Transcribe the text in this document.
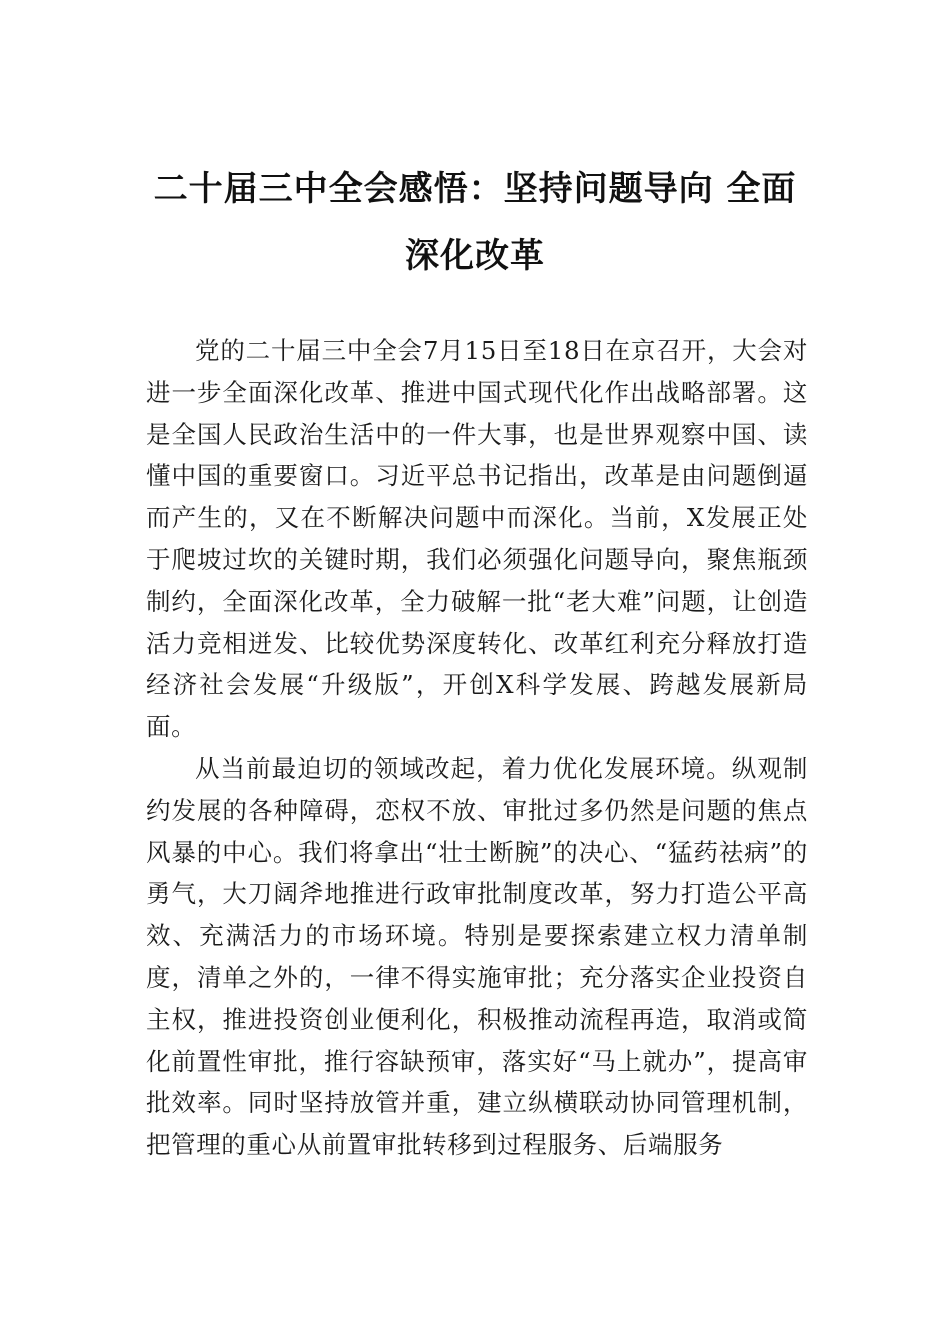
二十届三中全会感悟：坚持问题导向 全面深化改革

党的二十届三中全会7月15日至18日在京召开，大会对进一步全面深化改革、推进中国式现代化作出战略部署。这是全国人民政治生活中的一件大事，也是世界观察中国、读懂中国的重要窗口。习近平总书记指出，改革是由问题倒逼而产生的，又在不断解决问题中而深化。当前，X发展正处于爬坡过坎的关键时期，我们必须强化问题导向，聚焦瓶颈制约，全面深化改革，全力破解一批“老大难”问题，让创造活力竞相迸发、比较优势深度转化、改革红利充分释放打造经济社会发展“升级版”，开创X科学发展、跨越发展新局面。

从当前最迫切的领域改起，着力优化发展环境。纵观制约发展的各种障碍，恋权不放、审批过多仍然是问题的焦点风暴的中心。我们将拿出“壮士断腕”的决心、“猛药祛病”的勇气，大刀阔斧地推进行政审批制度改革，努力打造公平高效、充满活力的市场环境。特别是要探索建立权力清单制度，清单之外的，一律不得实施审批；充分落实企业投资自主权，推进投资创业便利化，积极推动流程再造，取消或简化前置性审批，推行容缺预审，落实好“马上就办”，提高审批效率。同时坚持放管并重，建立纵横联动协同管理机制，把管理的重心从前置审批转移到过程服务、后端服务
